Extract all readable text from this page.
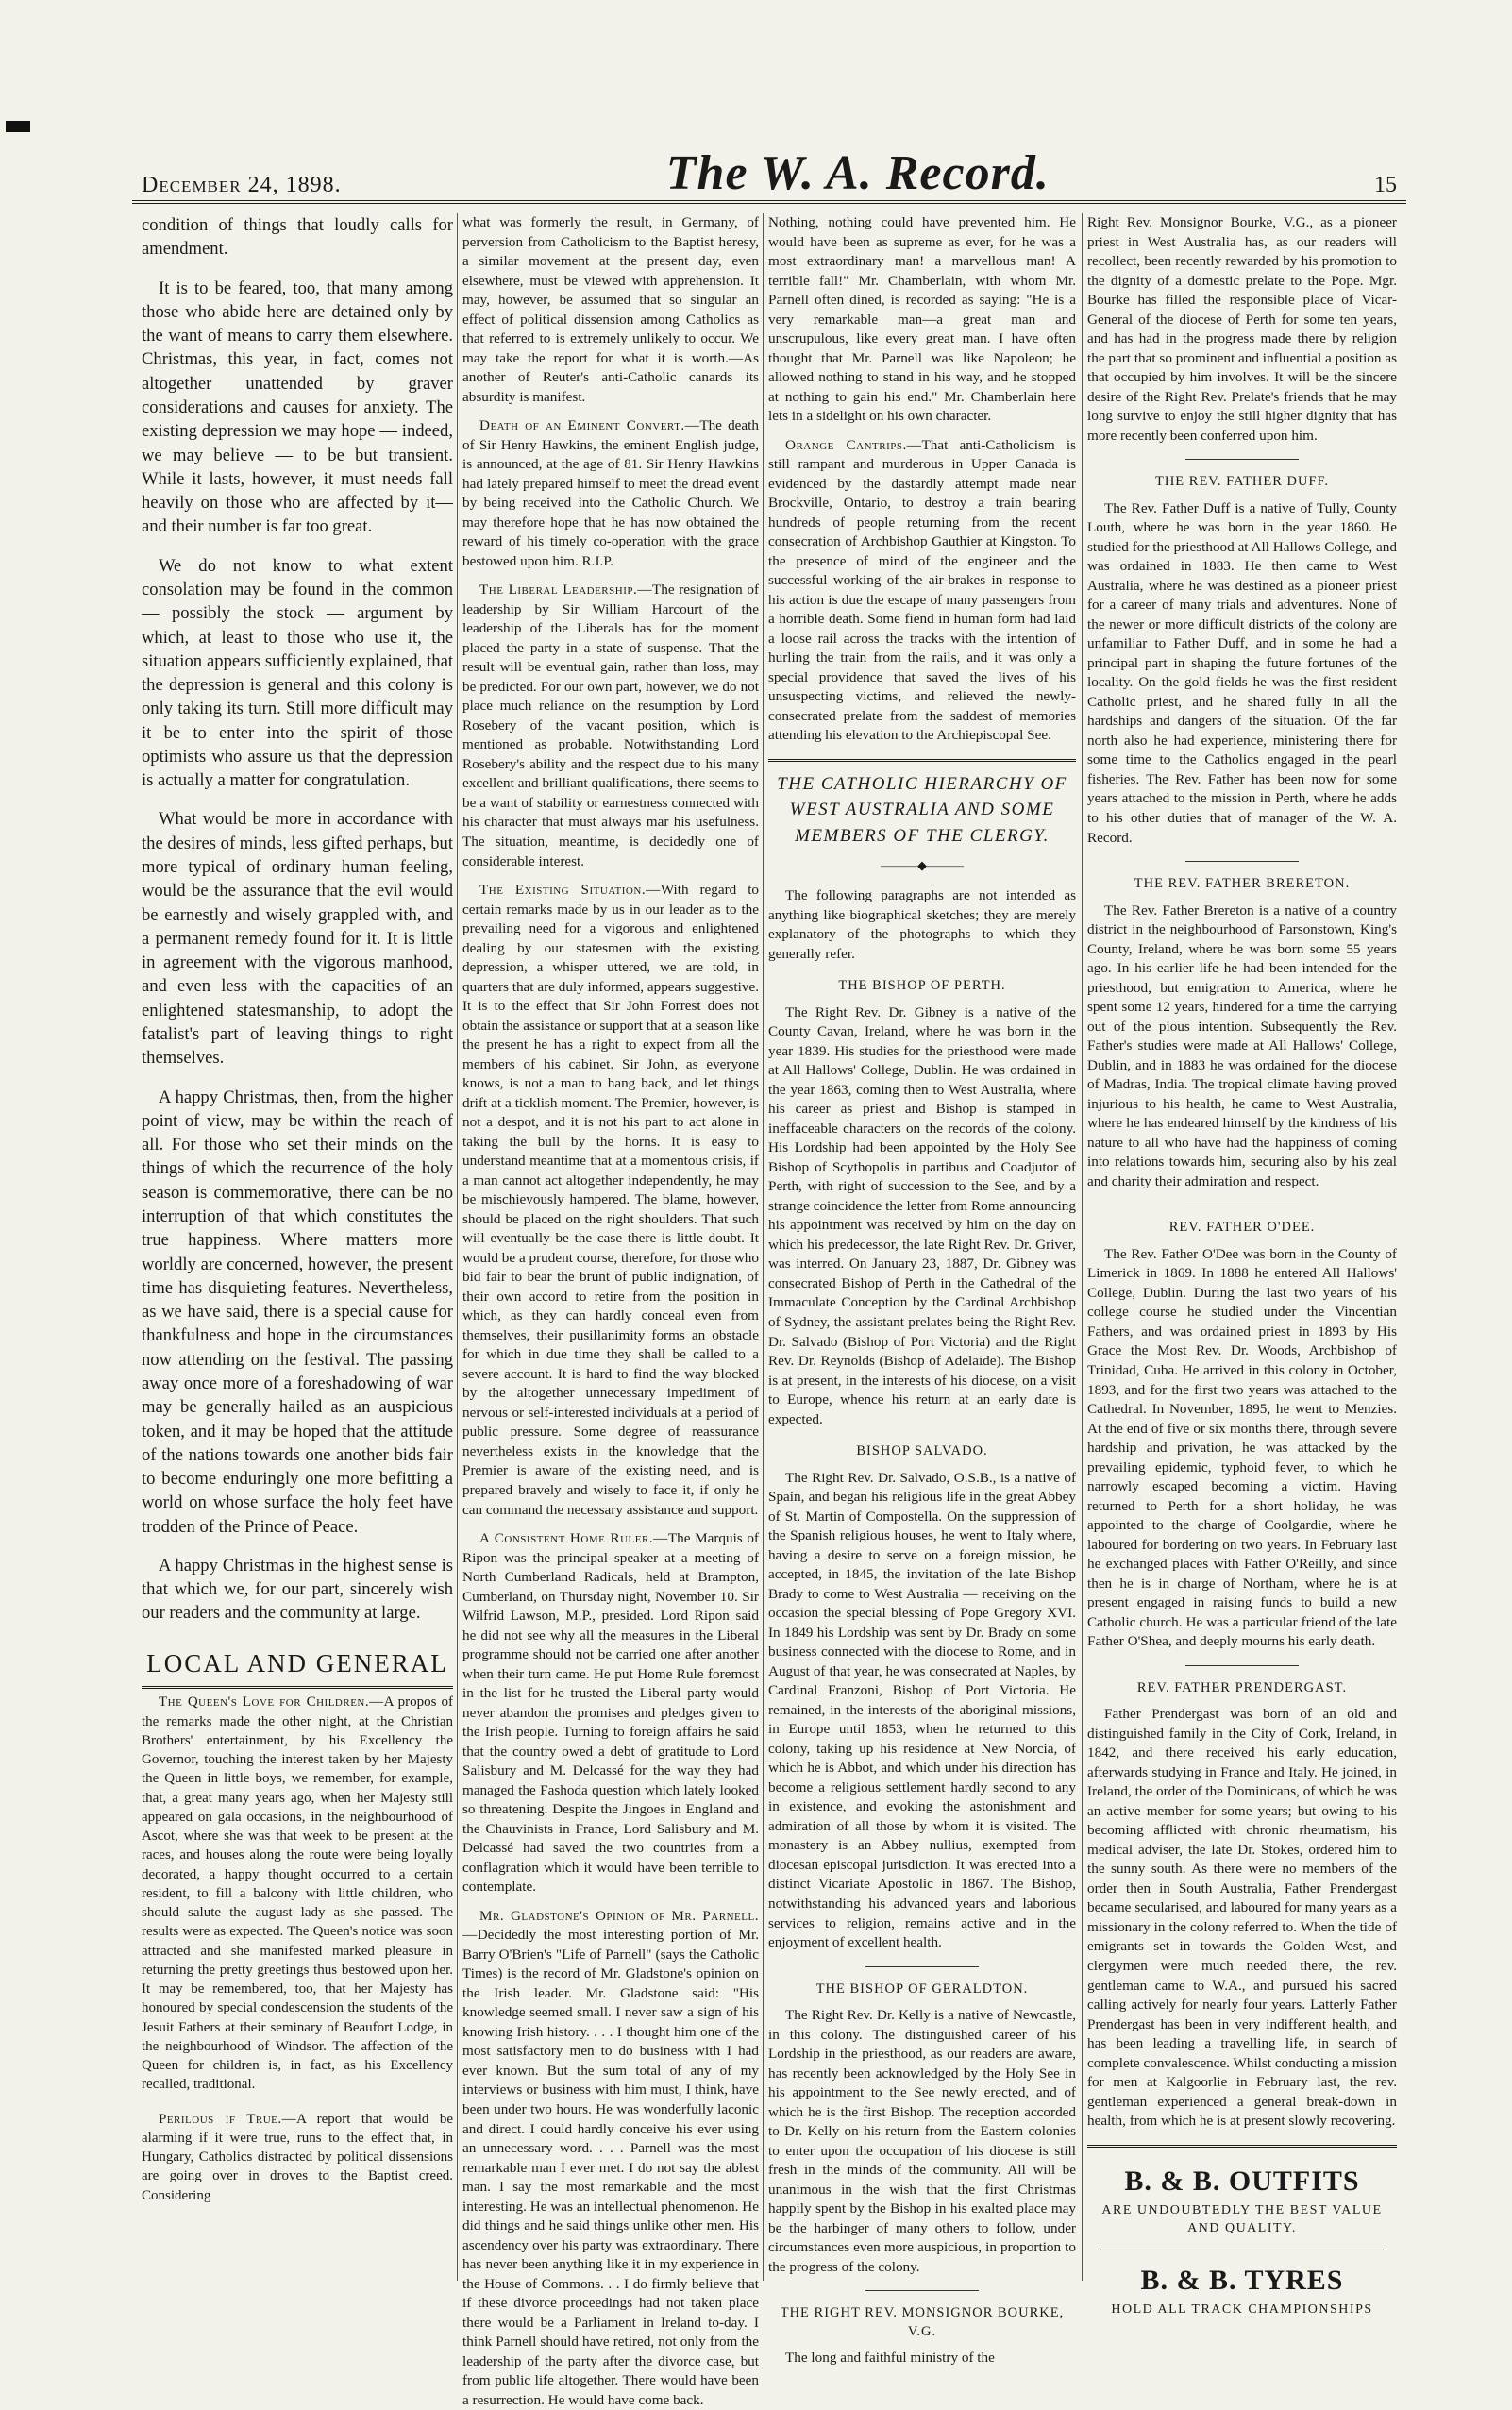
December 24, 1898.	The W. A. Record.	15

condition of things that loudly calls for amendment.

It is to be feared, too, that many among those who abide here are detained only by the want of means to carry them elsewhere. Christmas, this year, in fact, comes not altogether unattended by graver considerations and causes for anxiety. The existing depression we may hope — indeed, we may believe — to be but transient. While it lasts, however, it must needs fall heavily on those who are affected by it—and their number is far too great.

We do not know to what extent consolation may be found in the common — possibly the stock — argument by which, at least to those who use it, the situation appears sufficiently explained, that the depression is general and this colony is only taking its turn. Still more difficult may it be to enter into the spirit of those optimists who assure us that the depression is actually a matter for congratulation.

What would be more in accordance with the desires of minds, less gifted perhaps, but more typical of ordinary human feeling, would be the assurance that the evil would be earnestly and wisely grappled with, and a permanent remedy found for it. It is little in agreement with the vigorous manhood, and even less with the capacities of an enlightened statesmanship, to adopt the fatalist's part of leaving things to right themselves.

A happy Christmas, then, from the higher point of view, may be within the reach of all. For those who set their minds on the things of which the recurrence of the holy season is commemorative, there can be no interruption of that which constitutes the true happiness. Where matters more worldly are concerned, however, the present time has disquieting features. Nevertheless, as we have said, there is a special cause for thankfulness and hope in the circumstances now attending on the festival. The passing away once more of a foreshadowing of war may be generally hailed as an auspicious token, and it may be hoped that the attitude of the nations towards one another bids fair to become enduringly one more befitting a world on whose surface the holy feet have trodden of the Prince of Peace.

A happy Christmas in the highest sense is that which we, for our part, sincerely wish our readers and the community at large.

LOCAL AND GENERAL

The Queen's Love for Children.—A propos of the remarks made the other night, at the Christian Brothers' entertainment, by his Excellency the Governor, touching the interest taken by her Majesty the Queen in little boys, we remember, for example, that, a great many years ago, when her Majesty still appeared on gala occasions, in the neighbourhood of Ascot, where she was that week to be present at the races, and houses along the route were being loyally decorated, a happy thought occurred to a certain resident, to fill a balcony with little children, who should salute the august lady as she passed. The results were as expected. The Queen's notice was soon attracted and she manifested marked pleasure in returning the pretty greetings thus bestowed upon her. It may be remembered, too, that her Majesty has honoured by special condescension the students of the Jesuit Fathers at their seminary of Beaufort Lodge, in the neighbourhood of Windsor. The affection of the Queen for children is, in fact, as his Excellency recalled, traditional.

Perilous if True.—A report that would be alarming if it were true, runs to the effect that, in Hungary, Catholics distracted by political dissensions are going over in droves to the Baptist creed. Considering

what was formerly the result, in Germany, of perversion from Catholicism to the Baptist heresy, a similar movement at the present day, even elsewhere, must be viewed with apprehension. It may, however, be assumed that so singular an effect of political dissension among Catholics as that referred to is extremely unlikely to occur. We may take the report for what it is worth.—As another of Reuter's anti-Catholic canards its absurdity is manifest.

Death of an Eminent Convert.—The death of Sir Henry Hawkins, the eminent English judge, is announced, at the age of 81. Sir Henry Hawkins had lately prepared himself to meet the dread event by being received into the Catholic Church. We may therefore hope that he has now obtained the reward of his timely co-operation with the grace bestowed upon him. R.I.P.

The Liberal Leadership.—The resignation of leadership by Sir William Harcourt of the leadership of the Liberals has for the moment placed the party in a state of suspense. That the result will be eventual gain, rather than loss, may be predicted. For our own part, however, we do not place much reliance on the resumption by Lord Rosebery of the vacant position, which is mentioned as probable. Notwithstanding Lord Rosebery's ability and the respect due to his many excellent and brilliant qualifications, there seems to be a want of stability or earnestness connected with his character that must always mar his usefulness. The situation, meantime, is decidedly one of considerable interest.

The Existing Situation.—With regard to certain remarks made by us in our leader as to the prevailing need for a vigorous and enlightened dealing by our statesmen with the existing depression, a whisper uttered, we are told, in quarters that are duly informed, appears suggestive. It is to the effect that Sir John Forrest does not obtain the assistance or support that at a season like the present he has a right to expect from all the members of his cabinet. Sir John, as everyone knows, is not a man to hang back, and let things drift at a ticklish moment. The Premier, however, is not a despot, and it is not his part to act alone in taking the bull by the horns. It is easy to understand meantime that at a momentous crisis, if a man cannot act altogether independently, he may be mischievously hampered. The blame, however, should be placed on the right shoulders. That such will eventually be the case there is little doubt. It would be a prudent course, therefore, for those who bid fair to bear the brunt of public indignation, of their own accord to retire from the position in which, as they can hardly conceal even from themselves, their pusillanimity forms an obstacle for which in due time they shall be called to a severe account. It is hard to find the way blocked by the altogether unnecessary impediment of nervous or self-interested individuals at a period of public pressure. Some degree of reassurance nevertheless exists in the knowledge that the Premier is aware of the existing need, and is prepared bravely and wisely to face it, if only he can command the necessary assistance and support.

A Consistent Home Ruler.—The Marquis of Ripon was the principal speaker at a meeting of North Cumberland Radicals, held at Brampton, Cumberland, on Thursday night, November 10. Sir Wilfrid Lawson, M.P., presided. Lord Ripon said he did not see why all the measures in the Liberal programme should not be carried one after another when their turn came. He put Home Rule foremost in the list for he trusted the Liberal party would never abandon the promises and pledges given to the Irish people. Turning to foreign affairs he said that the country owed a debt of gratitude to Lord Salisbury and M. Delcassé for the way they had managed the Fashoda question which lately looked so threatening. Despite the Jingoes in England and the Chauvinists in France, Lord Salisbury and M. Delcassé had saved the two countries from a conflagration which it would have been terrible to contemplate.

Mr. Gladstone's Opinion of Mr. Parnell.—Decidedly the most interesting portion of Mr. Barry O'Brien's "Life of Parnell" (says the Catholic Times) is the record of Mr. Gladstone's opinion on the Irish leader. Mr. Gladstone said: "His knowledge seemed small. I never saw a sign of his knowing Irish history. . . . I thought him one of the most satisfactory men to do business with I had ever known. But the sum total of any of my interviews or business with him must, I think, have been under two hours. He was wonderfully laconic and direct. I could hardly conceive his ever using an unnecessary word. . . . Parnell was the most remarkable man I ever met. I do not say the ablest man. I say the most remarkable and the most interesting. He was an intellectual phenomenon. He did things and he said things unlike other men. His ascendency over his party was extraordinary. There has never been anything like it in my experience in the House of Commons. . . I do firmly believe that if these divorce proceedings had not taken place there would be a Parliament in Ireland to-day. I think Parnell should have retired, not only from the leadership of the party after the divorce case, but from public life altogether. There would have been a resurrection. He would have come back.

Nothing, nothing could have prevented him. He would have been as supreme as ever, for he was a most extraordinary man! a marvellous man! A terrible fall!" Mr. Chamberlain, with whom Mr. Parnell often dined, is recorded as saying: "He is a very remarkable man—a great man and unscrupulous, like every great man. I have often thought that Mr. Parnell was like Napoleon; he allowed nothing to stand in his way, and he stopped at nothing to gain his end." Mr. Chamberlain here lets in a sidelight on his own character.

Orange Cantrips.—That anti-Catholicism is still rampant and murderous in Upper Canada is evidenced by the dastardly attempt made near Brockville, Ontario, to destroy a train bearing hundreds of people returning from the recent consecration of Archbishop Gauthier at Kingston. To the presence of mind of the engineer and the successful working of the air-brakes in response to his action is due the escape of many passengers from a horrible death. Some fiend in human form had laid a loose rail across the tracks with the intention of hurling the train from the rails, and it was only a special providence that saved the lives of his unsuspecting victims, and relieved the newly-consecrated prelate from the saddest of memories attending his elevation to the Archiepiscopal See.

THE CATHOLIC HIERARCHY OF WEST AUSTRALIA AND SOME MEMBERS OF THE CLERGY.
———◆———

The following paragraphs are not intended as anything like biographical sketches; they are merely explanatory of the photographs to which they generally refer.

THE BISHOP OF PERTH.

The Right Rev. Dr. Gibney is a native of the County Cavan, Ireland, where he was born in the year 1839. His studies for the priesthood were made at All Hallows' College, Dublin. He was ordained in the year 1863, coming then to West Australia, where his career as priest and Bishop is stamped in ineffaceable characters on the records of the colony. His Lordship had been appointed by the Holy See Bishop of Scythopolis in partibus and Coadjutor of Perth, with right of succession to the See, and by a strange coincidence the letter from Rome announcing his appointment was received by him on the day on which his predecessor, the late Right Rev. Dr. Griver, was interred. On January 23, 1887, Dr. Gibney was consecrated Bishop of Perth in the Cathedral of the Immaculate Conception by the Cardinal Archbishop of Sydney, the assistant prelates being the Right Rev. Dr. Salvado (Bishop of Port Victoria) and the Right Rev. Dr. Reynolds (Bishop of Adelaide). The Bishop is at present, in the interests of his diocese, on a visit to Europe, whence his return at an early date is expected.

BISHOP SALVADO.

The Right Rev. Dr. Salvado, O.S.B., is a native of Spain, and began his religious life in the great Abbey of St. Martin of Compostella. On the suppression of the Spanish religious houses, he went to Italy where, having a desire to serve on a foreign mission, he accepted, in 1845, the invitation of the late Bishop Brady to come to West Australia — receiving on the occasion the special blessing of Pope Gregory XVI. In 1849 his Lordship was sent by Dr. Brady on some business connected with the diocese to Rome, and in August of that year, he was consecrated at Naples, by Cardinal Franzoni, Bishop of Port Victoria. He remained, in the interests of the aboriginal missions, in Europe until 1853, when he returned to this colony, taking up his residence at New Norcia, of which he is Abbot, and which under his direction has become a religious settlement hardly second to any in existence, and evoking the astonishment and admiration of all those by whom it is visited. The monastery is an Abbey nullius, exempted from diocesan episcopal jurisdiction. It was erected into a distinct Vicariate Apostolic in 1867. The Bishop, notwithstanding his advanced years and laborious services to religion, remains active and in the enjoyment of excellent health.

THE BISHOP OF GERALDTON.

The Right Rev. Dr. Kelly is a native of Newcastle, in this colony. The distinguished career of his Lordship in the priesthood, as our readers are aware, has recently been acknowledged by the Holy See in his appointment to the See newly erected, and of which he is the first Bishop. The reception accorded to Dr. Kelly on his return from the Eastern colonies to enter upon the occupation of his diocese is still fresh in the minds of the community. All will be unanimous in the wish that the first Christmas happily spent by the Bishop in his exalted place may be the harbinger of many others to follow, under circumstances even more auspicious, in proportion to the progress of the colony.

THE RIGHT REV. MONSIGNOR BOURKE, V.G.

The long and faithful ministry of the

Right Rev. Monsignor Bourke, V.G., as a pioneer priest in West Australia has, as our readers will recollect, been recently rewarded by his promotion to the dignity of a domestic prelate to the Pope. Mgr. Bourke has filled the responsible place of Vicar-General of the diocese of Perth for some ten years, and has had in the progress made there by religion the part that so prominent and influential a position as that occupied by him involves. It will be the sincere desire of the Right Rev. Prelate's friends that he may long survive to enjoy the still higher dignity that has more recently been conferred upon him.

THE REV. FATHER DUFF.

The Rev. Father Duff is a native of Tully, County Louth, where he was born in the year 1860. He studied for the priesthood at All Hallows College, and was ordained in 1883. He then came to West Australia, where he was destined as a pioneer priest for a career of many trials and adventures. None of the newer or more difficult districts of the colony are unfamiliar to Father Duff, and in some he had a principal part in shaping the future fortunes of the locality. On the gold fields he was the first resident Catholic priest, and he shared fully in all the hardships and dangers of the situation. Of the far north also he had experience, ministering there for some time to the Catholics engaged in the pearl fisheries. The Rev. Father has been now for some years attached to the mission in Perth, where he adds to his other duties that of manager of the W. A. Record.

THE REV. FATHER BRERETON.

The Rev. Father Brereton is a native of a country district in the neighbourhood of Parsonstown, King's County, Ireland, where he was born some 55 years ago. In his earlier life he had been intended for the priesthood, but emigration to America, where he spent some 12 years, hindered for a time the carrying out of the pious intention. Subsequently the Rev. Father's studies were made at All Hallows' College, Dublin, and in 1883 he was ordained for the diocese of Madras, India. The tropical climate having proved injurious to his health, he came to West Australia, where he has endeared himself by the kindness of his nature to all who have had the happiness of coming into relations towards him, securing also by his zeal and charity their admiration and respect.

REV. FATHER O'DEE.

The Rev. Father O'Dee was born in the County of Limerick in 1869. In 1888 he entered All Hallows' College, Dublin. During the last two years of his college course he studied under the Vincentian Fathers, and was ordained priest in 1893 by His Grace the Most Rev. Dr. Woods, Archbishop of Trinidad, Cuba. He arrived in this colony in October, 1893, and for the first two years was attached to the Cathedral. In November, 1895, he went to Menzies. At the end of five or six months there, through severe hardship and privation, he was attacked by the prevailing epidemic, typhoid fever, to which he narrowly escaped becoming a victim. Having returned to Perth for a short holiday, he was appointed to the charge of Coolgardie, where he laboured for bordering on two years. In February last he exchanged places with Father O'Reilly, and since then he is in charge of Northam, where he is at present engaged in raising funds to build a new Catholic church. He was a particular friend of the late Father O'Shea, and deeply mourns his early death.

REV. FATHER PRENDERGAST.

Father Prendergast was born of an old and distinguished family in the City of Cork, Ireland, in 1842, and there received his early education, afterwards studying in France and Italy. He joined, in Ireland, the order of the Dominicans, of which he was an active member for some years; but owing to his becoming afflicted with chronic rheumatism, his medical adviser, the late Dr. Stokes, ordered him to the sunny south. As there were no members of the order then in South Australia, Father Prendergast became secularised, and laboured for many years as a missionary in the colony referred to. When the tide of emigrants set in towards the Golden West, and clergymen were much needed there, the rev. gentleman came to W.A., and pursued his sacred calling actively for nearly four years. Latterly Father Prendergast has been in very indifferent health, and has been leading a travelling life, in search of complete convalescence. Whilst conducting a mission for men at Kalgoorlie in February last, the rev. gentleman experienced a general break-down in health, from which he is at present slowly recovering.

B. & B. OUTFITS
ARE UNDOUBTEDLY THE BEST VALUE AND QUALITY.
B. & B. TYRES
HOLD ALL TRACK CHAMPIONSHIPS
